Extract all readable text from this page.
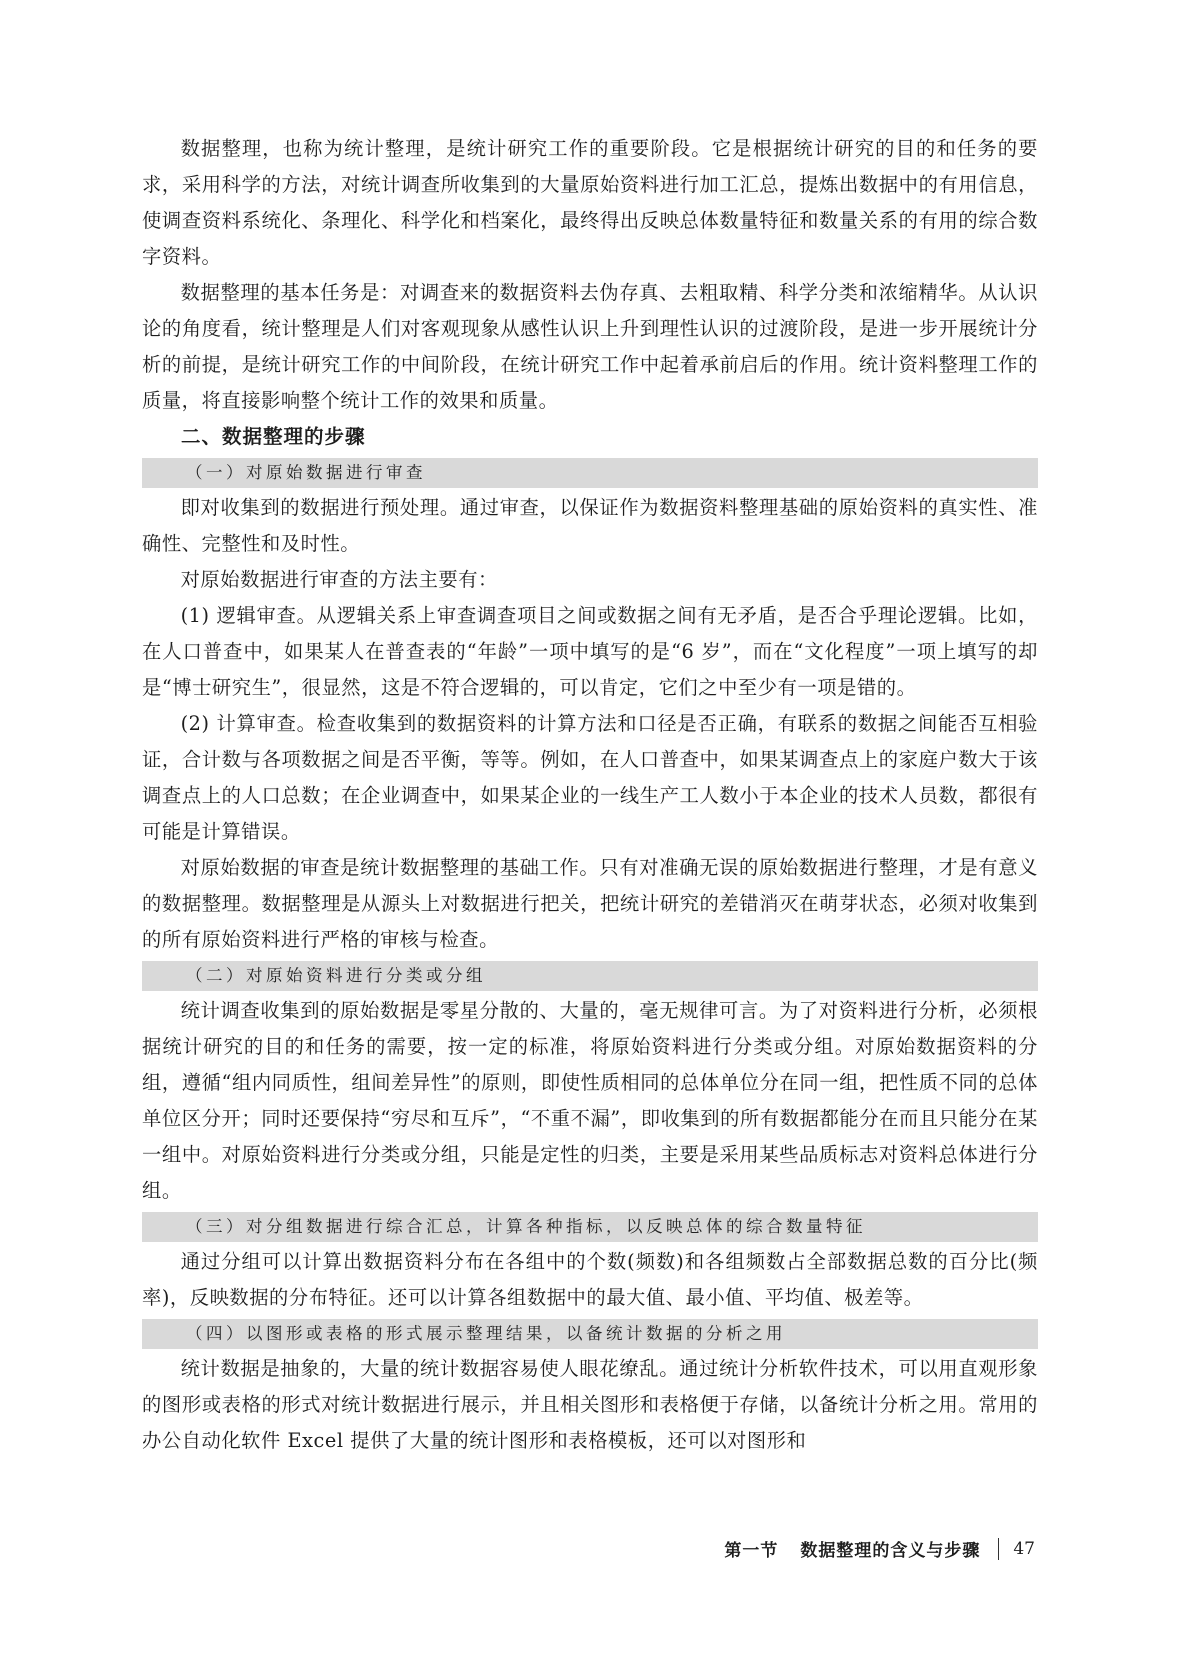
数据整理，也称为统计整理，是统计研究工作的重要阶段。它是根据统计研究的目的和任务的要求，采用科学的方法，对统计调查所收集到的大量原始资料进行加工汇总，提炼出数据中的有用信息，使调查资料系统化、条理化、科学化和档案化，最终得出反映总体数量特征和数量关系的有用的综合数字资料。

数据整理的基本任务是：对调查来的数据资料去伪存真、去粗取精、科学分类和浓缩精华。从认识论的角度看，统计整理是人们对客观现象从感性认识上升到理性认识的过渡阶段，是进一步开展统计分析的前提，是统计研究工作的中间阶段，在统计研究工作中起着承前启后的作用。统计资料整理工作的质量，将直接影响整个统计工作的效果和质量。

二、数据整理的步骤
（一）对原始数据进行审查

即对收集到的数据进行预处理。通过审查，以保证作为数据资料整理基础的原始资料的真实性、准确性、完整性和及时性。

对原始数据进行审查的方法主要有：

(1) 逻辑审查。从逻辑关系上审查调查项目之间或数据之间有无矛盾，是否合乎理论逻辑。比如，在人口普查中，如果某人在普查表的“年龄”一项中填写的是“6 岁”，而在“文化程度”一项上填写的却是“博士研究生”，很显然，这是不符合逻辑的，可以肯定，它们之中至少有一项是错的。

(2) 计算审查。检查收集到的数据资料的计算方法和口径是否正确，有联系的数据之间能否互相验证，合计数与各项数据之间是否平衡，等等。例如，在人口普查中，如果某调查点上的家庭户数大于该调查点上的人口总数；在企业调查中，如果某企业的一线生产工人数小于本企业的技术人员数，都很有可能是计算错误。

对原始数据的审查是统计数据整理的基础工作。只有对准确无误的原始数据进行整理，才是有意义的数据整理。数据整理是从源头上对数据进行把关，把统计研究的差错消灭在萌芽状态，必须对收集到的所有原始资料进行严格的审核与检查。

（二）对原始资料进行分类或分组

统计调查收集到的原始数据是零星分散的、大量的，毫无规律可言。为了对资料进行分析，必须根据统计研究的目的和任务的需要，按一定的标准，将原始资料进行分类或分组。对原始数据资料的分组，遵循“组内同质性，组间差异性”的原则，即使性质相同的总体单位分在同一组，把性质不同的总体单位区分开；同时还要保持“穷尽和互斥”，“不重不漏”，即收集到的所有数据都能分在而且只能分在某一组中。对原始资料进行分类或分组，只能是定性的归类，主要是采用某些品质标志对资料总体进行分组。

（三）对分组数据进行综合汇总，计算各种指标，以反映总体的综合数量特征

通过分组可以计算出数据资料分布在各组中的个数(频数)和各组频数占全部数据总数的百分比(频率)，反映数据的分布特征。还可以计算各组数据中的最大值、最小值、平均值、极差等。

（四）以图形或表格的形式展示整理结果，以备统计数据的分析之用

统计数据是抽象的，大量的统计数据容易使人眼花缭乱。通过统计分析软件技术，可以用直观形象的图形或表格的形式对统计数据进行展示，并且相关图形和表格便于存储，以备统计分析之用。常用的办公自动化软件 Excel 提供了大量的统计图形和表格模板，还可以对图形和

第一节 数据整理的含义与步骤 47
